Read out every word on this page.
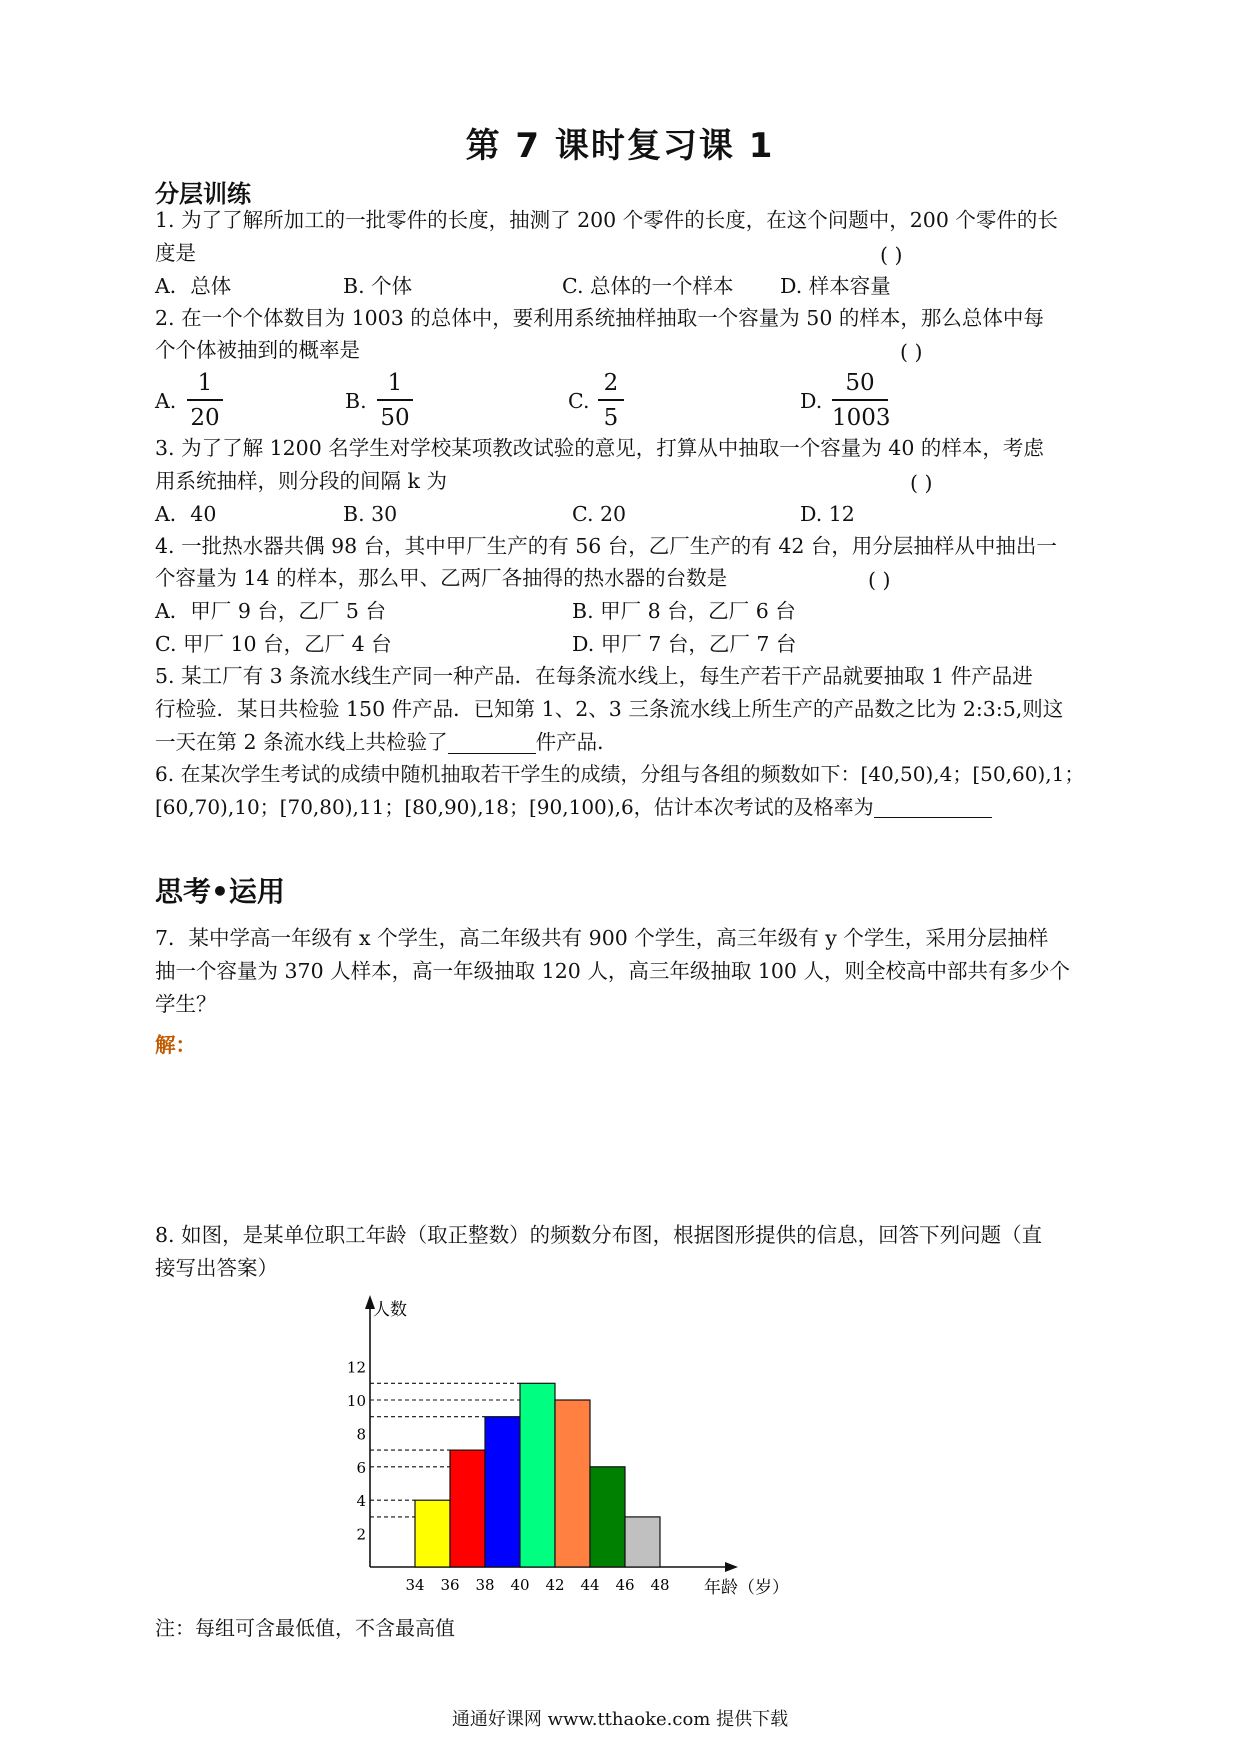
第 7 课时复习课 1
分层训练
1. 为了了解所加工的一批零件的长度，抽测了 200 个零件的长度，在这个问题中，200 个零件的长
度是	( )
A．总体	B. 个体	C. 总体的一个样本 D. 样本容量
2. 在一个个体数目为 1003 的总体中，要利用系统抽样抽取一个容量为 50 的样本，那么总体中每
个个体被抽到的概率是	( )
A. $\frac{1}{20}$	B. $\frac{1}{50}$	C. $\frac{2}{5}$	D. $\frac{50}{1003}$
3. 为了了解 1200 名学生对学校某项教改试验的意见，打算从中抽取一个容量为 40 的样本，考虑
用系统抽样，则分段的间隔 k 为	( )
A．40	B. 30	C. 20	D. 12
4. 一批热水器共偶 98 台，其中甲厂生产的有 56 台，乙厂生产的有 42 台，用分层抽样从中抽出一
个容量为 14 的样本，那么甲、乙两厂各抽得的热水器的台数是	( )
A．甲厂 9 台，乙厂 5 台	B. 甲厂 8 台，乙厂 6 台
C. 甲厂 10 台，乙厂 4 台	D. 甲厂 7 台，乙厂 7 台
5. 某工厂有 3 条流水线生产同一种产品．在每条流水线上，每生产若干产品就要抽取 1 件产品进
行检验．某日共检验 150 件产品．已知第 1、2、3 三条流水线上所生产的产品数之比为 2:3:5,则这
一天在第 2 条流水线上共检验了	件产品．
6. 在某次学生考试的成绩中随机抽取若干学生的成绩，分组与各组的频数如下：[40,50),4；[50,60),1；
[60,70),10；[70,80),11；[80,90),18；[90,100),6，估计本次考试的及格率为
思考•运用
7．某中学高一年级有 x 个学生，高二年级共有 900 个学生，高三年级有 y 个学生，采用分层抽样
抽一个容量为 370 人样本，高一年级抽取 120 人，高三年级抽取 100 人，则全校高中部共有多少个
学生？
解：
8. 如图，是某单位职工年龄（取正整数）的频数分布图，根据图形提供的信息，回答下列问题（直
接写出答案）
2
4
6
8
10
12
34 36 38 40 42 44 46 48
人数
年龄（岁）
注：每组可含最低值，不含最高值
通通好课网 www.tthaoke.com 提供下载
